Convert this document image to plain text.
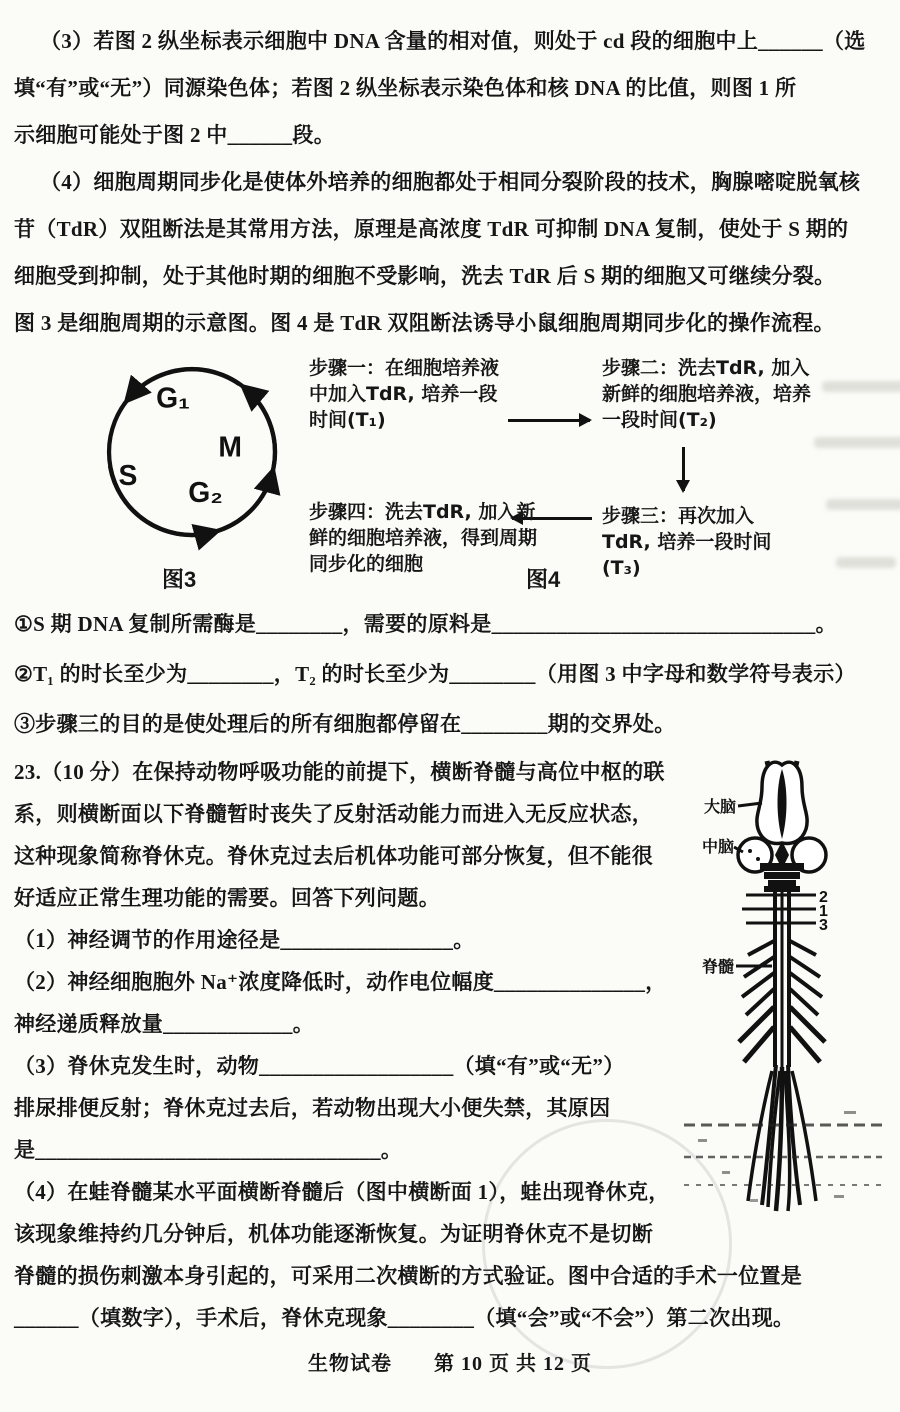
（3）若图 2 纵坐标表示细胞中 DNA 含量的相对值，则处于 cd 段的细胞中上______（选
填“有”或“无”）同源染色体；若图 2 纵坐标表示染色体和核 DNA 的比值，则图 1 所
示细胞可能处于图 2 中______段。
（4）细胞周期同步化是使体外培养的细胞都处于相同分裂阶段的技术，胸腺嘧啶脱氧核
苷（TdR）双阻断法是其常用方法，原理是高浓度 TdR 可抑制 DNA 复制，使处于 S 期的
细胞受到抑制，处于其他时期的细胞不受影响，洗去 TdR 后 S 期的细胞又可继续分裂。
图 3 是细胞周期的示意图。图 4 是 TdR 双阻断法诱导小鼠细胞周期同步化的操作流程。
G₁
M
S
G₂
图3
步骤一：在细胞培养液中加入TdR, 培养一段时间(T₁)
步骤二：洗去TdR, 加入新鲜的细胞培养液，培养一段时间(T₂)
步骤三：再次加入TdR, 培养一段时间(T₃)
步骤四：洗去TdR, 加入新鲜的细胞培养液，得到周期同步化的细胞
图4
①S 期 DNA 复制所需酶是________，需要的原料是______________________________。
②T₁ 的时长至少为________，T₂ 的时长至少为________（用图 3 中字母和数学符号表示）
③步骤三的目的是使处理后的所有细胞都停留在________期的交界处。
23.（10 分）在保持动物呼吸功能的前提下，横断脊髓与高位中枢的联
系，则横断面以下脊髓暂时丧失了反射活动能力而进入无反应状态，
这种现象简称脊休克。脊休克过去后机体功能可部分恢复，但不能很
好适应正常生理功能的需要。回答下列问题。
（1）神经调节的作用途径是________________。
（2）神经细胞胞外 Na⁺浓度降低时，动作电位幅度______________，
神经递质释放量____________。
（3）脊休克发生时，动物__________________（填“有”或“无”）
排尿排便反射；脊休克过去后，若动物出现大小便失禁，其原因
是________________________________。
（4）在蛙脊髓某水平面横断脊髓后（图中横断面 1），蛙出现脊休克，
该现象维持约几分钟后，机体功能逐渐恢复。为证明脊休克不是切断
脊髓的损伤刺激本身引起的，可采用二次横断的方式验证。图中合适的手术一位置是
______（填数字），手术后，脊休克现象________（填“会”或“不会”）第二次出现。
2
1
3
大脑
中脑
脊髓
生物试卷 第 10 页 共 12 页
